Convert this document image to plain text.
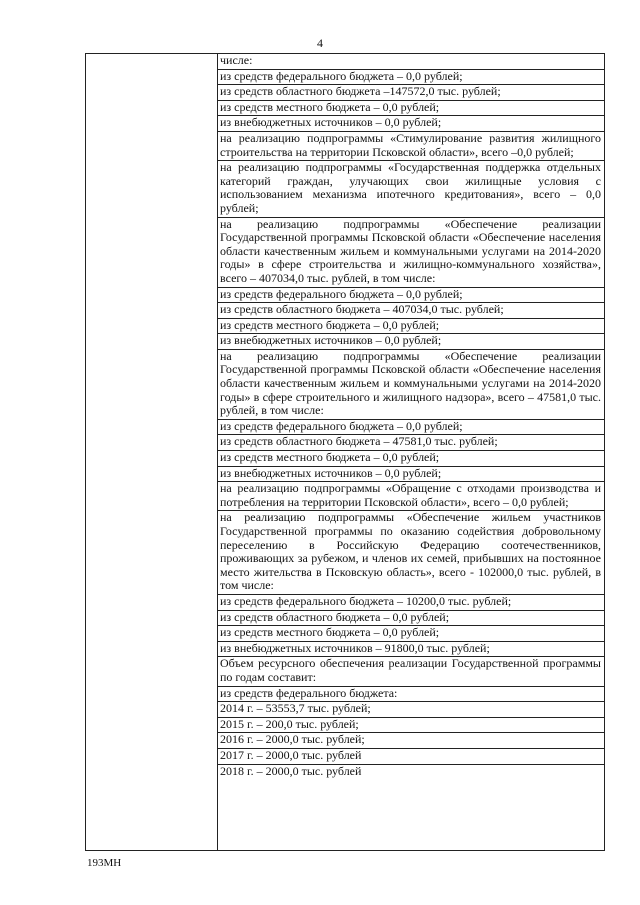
4
числе:
из средств федерального бюджета – 0,0 рублей;
из средств областного бюджета –147572,0 тыс. рублей;
из средств местного бюджета – 0,0 рублей;
из внебюджетных источников – 0,0 рублей;
на реализацию подпрограммы «Стимулирование развития жилищного строительства на территории Псковской области», всего –0,0 рублей;
на реализацию подпрограммы «Государственная поддержка отдельных категорий граждан, улучающих свои жилищные условия с использованием механизма ипотечного кредитования», всего – 0,0 рублей;
на реализацию подпрограммы «Обеспечение реализации Государственной программы Псковской области «Обеспечение населения области качественным жильем и коммунальными услугами на 2014-2020 годы» в сфере строительства и жилищно-коммунального хозяйства», всего – 407034,0 тыс. рублей, в том числе:
из средств федерального бюджета – 0,0 рублей;
из средств областного бюджета – 407034,0 тыс. рублей;
из средств местного бюджета – 0,0 рублей;
из внебюджетных источников – 0,0 рублей;
на реализацию подпрограммы «Обеспечение реализации Государственной программы Псковской области «Обеспечение населения области качественным жильем и коммунальными услугами на 2014-2020 годы» в сфере строительного и жилищного надзора», всего – 47581,0 тыс. рублей, в том числе:
из средств федерального бюджета – 0,0 рублей;
из средств областного бюджета – 47581,0 тыс. рублей;
из средств местного бюджета – 0,0 рублей;
из внебюджетных источников – 0,0 рублей;
на реализацию подпрограммы «Обращение с отходами производства и потребления на территории Псковской области», всего – 0,0 рублей;
на реализацию подпрограммы «Обеспечение жильем участников Государственной программы по оказанию содействия добровольному переселению в Российскую Федерацию соотечественников, проживающих за рубежом, и членов их семей, прибывших на постоянное место жительства в Псковскую область», всего - 102000,0 тыс. рублей, в том числе:
из средств федерального бюджета – 10200,0 тыс. рублей;
из средств областного бюджета – 0,0 рублей;
из средств местного бюджета – 0,0 рублей;
из внебюджетных источников – 91800,0 тыс. рублей;
Объем ресурсного обеспечения реализации Государственной программы по годам составит:
из средств федерального бюджета:
2014 г. – 53553,7 тыс. рублей;
2015 г. – 200,0 тыс. рублей;
2016 г. – 2000,0 тыс. рублей;
2017 г. – 2000,0 тыс. рублей
2018 г. – 2000,0 тыс. рублей
193МН
